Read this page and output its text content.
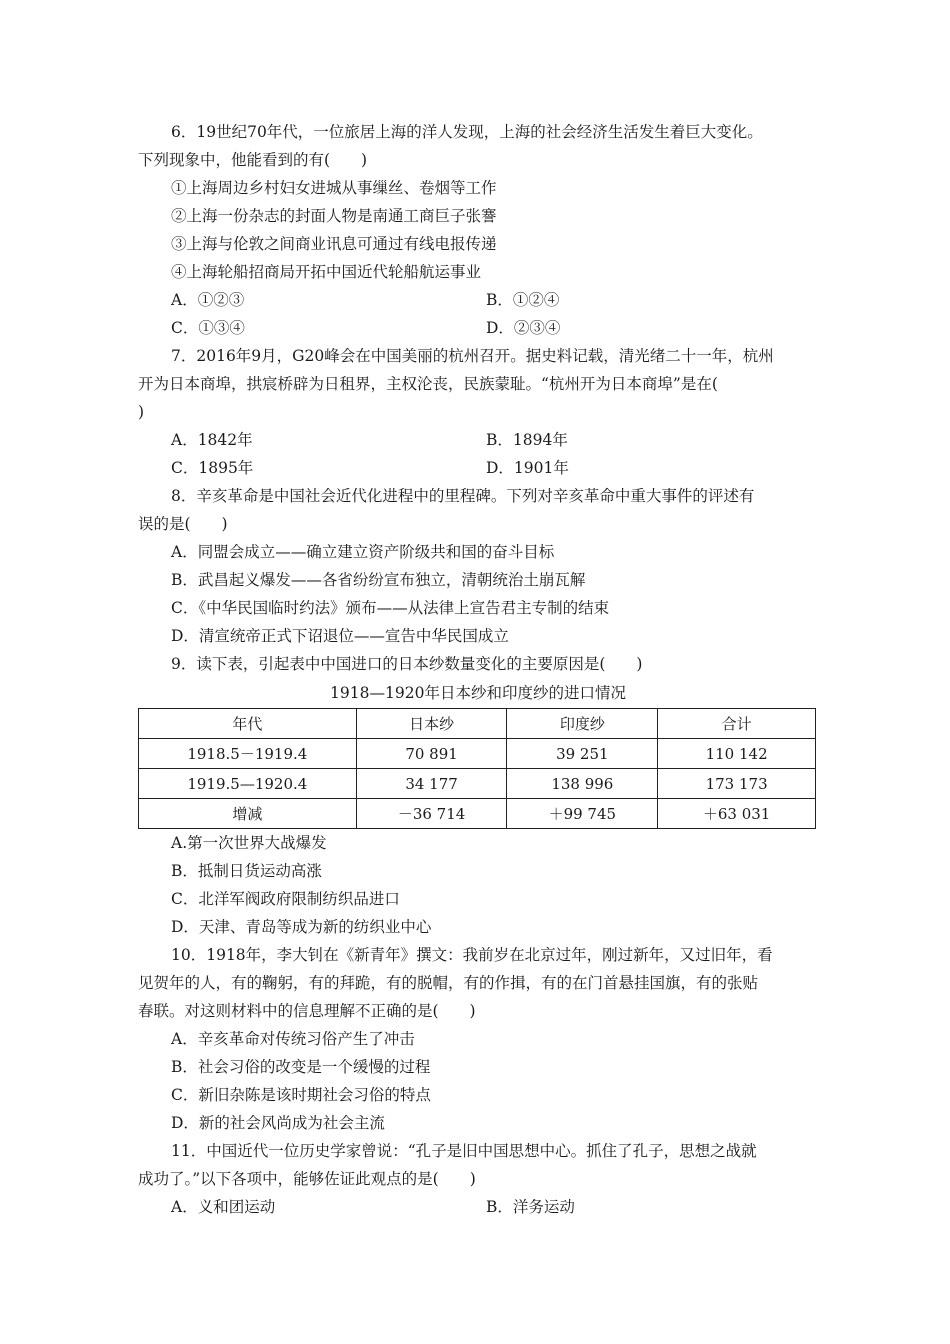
6．19世纪70年代，一位旅居上海的洋人发现，上海的社会经济生活发生着巨大变化。
下列现象中，他能看到的有(　　)
①上海周边乡村妇女进城从事缫丝、卷烟等工作
②上海一份杂志的封面人物是南通工商巨子张謇
③上海与伦敦之间商业讯息可通过有线电报传递
④上海轮船招商局开拓中国近代轮船航运事业
A．①②③	B．①②④
C．①③④	D．②③④
7．2016年9月，G20峰会在中国美丽的杭州召开。据史料记载，清光绪二十一年，杭州
开为日本商埠，拱宸桥辟为日租界，主权沦丧，民族蒙耻。“杭州开为日本商埠”是在(
)
A．1842年	B．1894年
C．1895年	D．1901年
8．辛亥革命是中国社会近代化进程中的里程碑。下列对辛亥革命中重大事件的评述有
误的是(　　)
A．同盟会成立——确立建立资产阶级共和国的奋斗目标
B．武昌起义爆发——各省纷纷宣布独立，清朝统治土崩瓦解
C．《中华民国临时约法》颁布——从法律上宣告君主专制的结束
D．清宣统帝正式下诏退位——宣告中华民国成立
9．读下表，引起表中中国进口的日本纱数量变化的主要原因是(　　)
1918—1920年日本纱和印度纱的进口情况
年代	日本纱	印度纱	合计
1918.5－1919.4	70 891	39 251	110 142
1919.5—1920.4	34 177	138 996	173 173
增减	－36 714	＋99 745	＋63 031
A.第一次世界大战爆发
B．抵制日货运动高涨
C．北洋军阀政府限制纺织品进口
D．天津、青岛等成为新的纺织业中心
10．1918年，李大钊在《新青年》撰文：我前岁在北京过年，刚过新年，又过旧年，看
见贺年的人，有的鞠躬，有的拜跪，有的脱帽，有的作揖，有的在门首悬挂国旗，有的张贴
春联。对这则材料中的信息理解不正确的是(　　)
A．辛亥革命对传统习俗产生了冲击
B．社会习俗的改变是一个缓慢的过程
C．新旧杂陈是该时期社会习俗的特点
D．新的社会风尚成为社会主流
11．中国近代一位历史学家曾说：“孔子是旧中国思想中心。抓住了孔子，思想之战就
成功了。”以下各项中，能够佐证此观点的是(　　)
A．义和团运动	B．洋务运动
